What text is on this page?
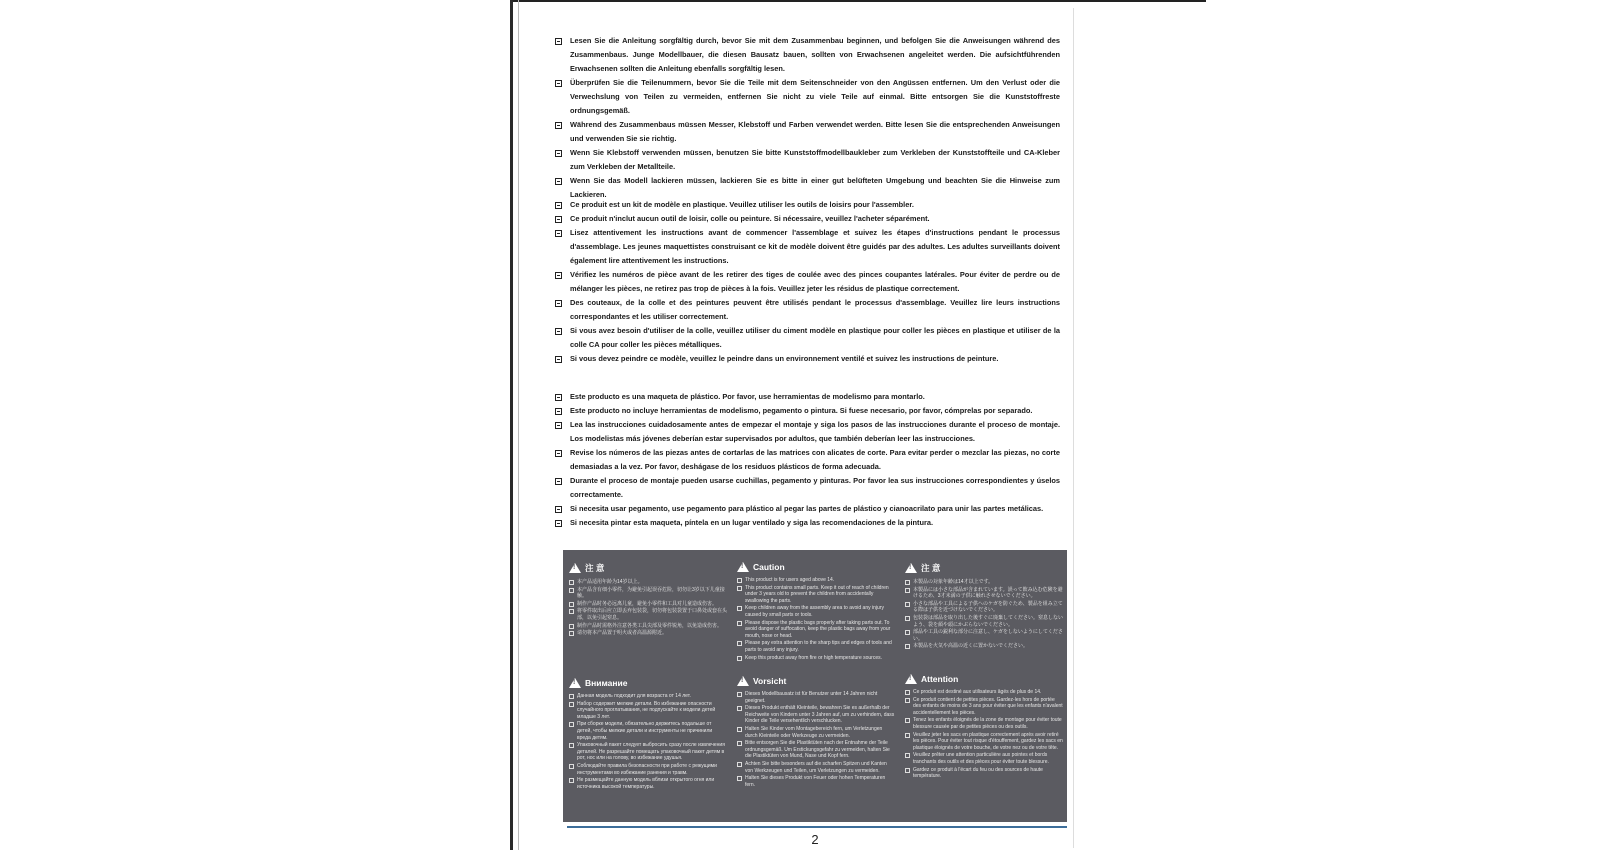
Lesen Sie die Anleitung sorgfältig durch, bevor Sie mit dem Zusammenbau beginnen, und befolgen Sie die Anweisungen während des Zusammenbaus. Junge Modellbauer, die diesen Bausatz bauen, sollten von Erwachsenen angeleitet werden. Die aufsichtführenden Erwachsenen sollten die Anleitung ebenfalls sorgfältig lesen.
Überprüfen Sie die Teilenummern, bevor Sie die Teile mit dem Seitenschneider von den Angüssen entfernen. Um den Verlust oder die Verwechslung von Teilen zu vermeiden, entfernen Sie nicht zu viele Teile auf einmal. Bitte entsorgen Sie die Kunststoffreste ordnungsgemäß.
Während des Zusammenbaus müssen Messer, Klebstoff und Farben verwendet werden. Bitte lesen Sie die entsprechenden Anweisungen und verwenden Sie sie richtig.
Wenn Sie Klebstoff verwenden müssen, benutzen Sie bitte Kunststoffmodellbaukleber zum Verkleben der Kunststoffteile und CA-Kleber zum Verkleben der Metallteile.
Wenn Sie das Modell lackieren müssen, lackieren Sie es bitte in einer gut belüfteten Umgebung und beachten Sie die Hinweise zum Lackieren.
Ce produit est un kit de modèle en plastique. Veuillez utiliser les outils de loisirs pour l'assembler.
Ce produit n'inclut aucun outil de loisir, colle ou peinture. Si nécessaire, veuillez l'acheter séparément.
Lisez attentivement les instructions avant de commencer l'assemblage et suivez les étapes d'instructions pendant le processus d'assemblage. Les jeunes maquettistes construisant ce kit de modèle doivent être guidés par des adultes. Les adultes surveillants doivent également lire attentivement les instructions.
Vérifiez les numéros de pièce avant de les retirer des tiges de coulée avec des pinces coupantes latérales. Pour éviter de perdre ou de mélanger les pièces, ne retirez pas trop de pièces à la fois. Veuillez jeter les résidus de plastique correctement.
Des couteaux, de la colle et des peintures peuvent être utilisés pendant le processus d'assemblage. Veuillez lire leurs instructions correspondantes et les utiliser correctement.
Si vous avez besoin d'utiliser de la colle, veuillez utiliser du ciment modèle en plastique pour coller les pièces en plastique et utiliser de la colle CA pour coller les pièces métalliques.
Si vous devez peindre ce modèle, veuillez le peindre dans un environnement ventilé et suivez les instructions de peinture.
Este producto es una maqueta de plástico. Por favor, use herramientas de modelismo para montarlo.
Este producto no incluye herramientas de modelismo, pegamento o pintura. Si fuese necesario, por favor, cómprelas por separado.
Lea las instrucciones cuidadosamente antes de empezar el montaje y siga los pasos de las instrucciones durante el proceso de montaje. Los modelistas más jóvenes deberían estar supervisados por adultos, que también deberían leer las instrucciones.
Revise los números de las piezas antes de cortarlas de las matrices con alicates de corte. Para evitar perder o mezclar las piezas, no corte demasiadas a la vez. Por favor, deshágase de los residuos plásticos de forma adecuada.
Durante el proceso de montaje pueden usarse cuchillas, pegamento y pinturas. Por favor lea sus instrucciones correspondientes y úselos correctamente.
Si necesita usar pegamento, use pegamento para plástico al pegar las partes de plástico y cianoacrilato para unir las partes metálicas.
Si necesita pintar esta maqueta, píntela en un lugar ventilado y siga las recomendaciones de la pintura.
!
注 意
本产品适用年龄为14岁以上。
本产品含有细小零件，为避免引起误吞危险，切勿让3岁以下儿童接触。
制作产品时务必远离儿童，避免小零件和工具对儿童造成伤害。
将零件取出后应立即丢弃包装袋，切勿将包装袋置于口鼻处或套在头部，以免引起窒息。
制作产品时需格外注意各类工具尖部及零件锐角，以免造成伤害。
请勿将本产品置于明火或者高温源附近。
!
Caution
This product is for users aged above 14.
This product contains small parts. Keep it out of reach of children under 3 years old to prevent the children from accidentally swallowing the parts.
Keep children away from the assembly area to avoid any injury caused by small parts or tools.
Please dispose the plastic bags properly after taking parts out. To avoid danger of suffocation, keep the plastic bags away from your mouth, nose or head.
Please pay extra attention to the sharp tips and edges of tools and parts to avoid any injury.
Keep this product away from fire or high temperature sources.
!
注 意
本製品の対象年齢は14才以上です。
本製品には小さな部品が含まれています。誤って飲み込む危険を避けるため、3才未満の子供に触れさせないでください。
小さな部品や工具による子供へのケガを防ぐため、製品を組み立てる際は子供を近づけないでください。
包装袋は部品を取り出した後すぐに廃棄してください。窒息しないよう、袋を顔や頭にかぶらないでください。
部品や工具の鋭利な部分に注意し、ケガをしないようにしてください。
本製品を火気や高温の近くに置かないでください。
!
Внимание
Данная модель подходит для возраста от 14 лет.
Набор содержит мелкие детали. Во избежание опасности случайного проглатывания, не подпускайте к модели детей младше 3 лет.
При сборке модели, обязательно держитесь подальше от детей, чтобы мелкие детали и инструменты не причинили вреда детям.
Упаковочный пакет следует выбросить сразу после извлечения деталей. Не разрешайте помещать упаковочный пакет детям в рот, нос или на голову, во избежание удушья.
Соблюдайте правила безопасности при работе с режущими инструментами во избежание ранения и травм.
Не размещайте данную модель вблизи открытого огня или источника высокой температуры.
!
Vorsicht
Dieses Modellbausatz ist für Benutzer unter 14 Jahren nicht geeignet.
Dieses Produkt enthält Kleinteile, bewahren Sie es außerhalb der Reichweite von Kindern unter 3 Jahren auf, um zu verhindern, dass Kinder die Teile versehentlich verschlucken.
Halten Sie Kinder vom Montagebereich fern, um Verletzungen durch Kleinteile oder Werkzeuge zu vermeiden.
Bitte entsorgen Sie die Plastiktüten nach der Entnahme der Teile ordnungsgemäß. Um Erstickungsgefahr zu vermeiden, halten Sie die Plastiktüten von Mund, Nase und Kopf fern.
Achten Sie bitte besonders auf die scharfen Spitzen und Kanten von Werkzeugen und Teilen, um Verletzungen zu vermeiden.
Halten Sie dieses Produkt von Feuer oder hohen Temperaturen fern.
!
Attention
Ce produit est destiné aux utilisateurs âgés de plus de 14.
Ce produit contient de petites pièces. Gardez-les hors de portée des enfants de moins de 3 ans pour éviter que les enfants n'avalent accidentellement les pièces.
Tenez les enfants éloignés de la zone de montage pour éviter toute blessure causée par de petites pièces ou des outils.
Veuillez jeter les sacs en plastique correctement après avoir retiré les pièces. Pour éviter tout risque d'étouffement, gardez les sacs en plastique éloignés de votre bouche, de votre nez ou de votre tête.
Veuillez prêter une attention particulière aux pointes et bords tranchants des outils et des pièces pour éviter toute blessure.
Gardez ce produit à l'écart du feu ou des sources de haute température.
2
